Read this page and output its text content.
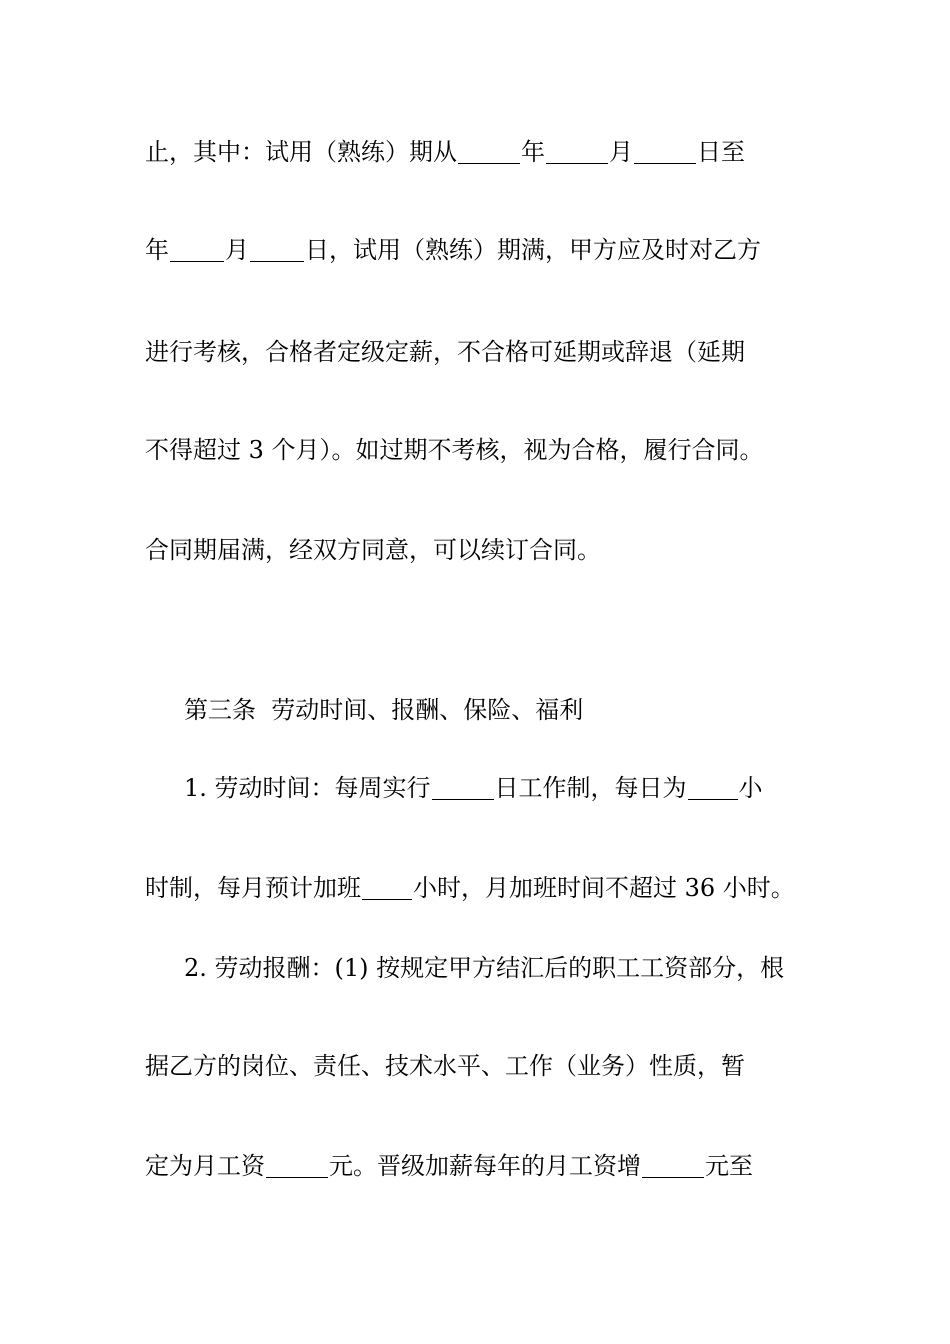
止，其中：试用（熟练）期从	年	月	日至
年 月 日，试用（熟练）期满，甲方应及时对乙方
进行考核，合格者定级定薪，不合格可延期或辞退（延期
不得超过 3 个月）。如过期不考核，视为合格，履行合同。
合同期届满，经双方同意，可以续订合同。
第三条  劳动时间、报酬、保险、福利
1. 劳动时间：每周实行	日工作制，每日为 小
时制，每月预计加班 小时，月加班时间不超过 36 小时。
2. 劳动报酬：(1) 按规定甲方结汇后的职工工资部分，根
据乙方的岗位、责任、技术水平、工作（业务）性质，暂
定为月工资	元。晋级加薪每年的月工资增	元至
